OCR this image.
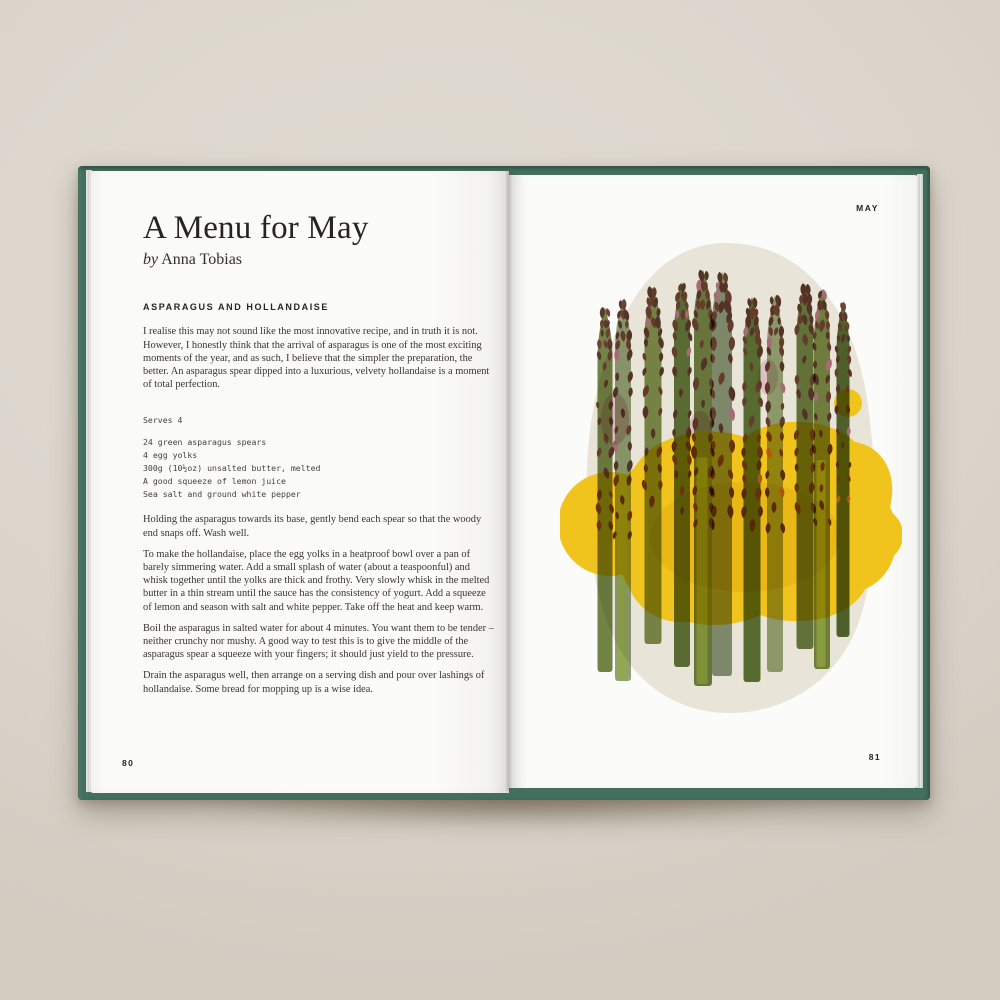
A Menu for May
by Anna Tobias
ASPARAGUS AND HOLLANDAISE
I realise this may not sound like the most innovative recipe, and in truth it is not. However, I honestly think that the arrival of asparagus is one of the most exciting moments of the year, and as such, I believe that the simpler the preparation, the better. An asparagus spear dipped into a luxurious, velvety hollandaise is a moment of total perfection.
Serves 4
24 green asparagus spears
4 egg yolks
300g (10½oz) unsalted butter, melted
A good squeeze of lemon juice
Sea salt and ground white pepper
Holding the asparagus towards its base, gently bend each spear so that the woody end snaps off. Wash well.
To make the hollandaise, place the egg yolks in a heatproof bowl over a pan of barely simmering water. Add a small splash of water (about a teaspoonful) and whisk together until the yolks are thick and frothy. Very slowly whisk in the melted butter in a thin stream until the sauce has the consistency of yogurt. Add a squeeze of lemon and season with salt and white pepper. Take off the heat and keep warm.
Boil the asparagus in salted water for about 4 minutes. You want them to be tender – neither crunchy nor mushy. A good way to test this is to give the middle of the asparagus spear a squeeze with your fingers; it should just yield to the pressure.
Drain the asparagus well, then arrange on a serving dish and pour over lashings of hollandaise. Some bread for mopping up is a wise idea.
80
MAY
81
